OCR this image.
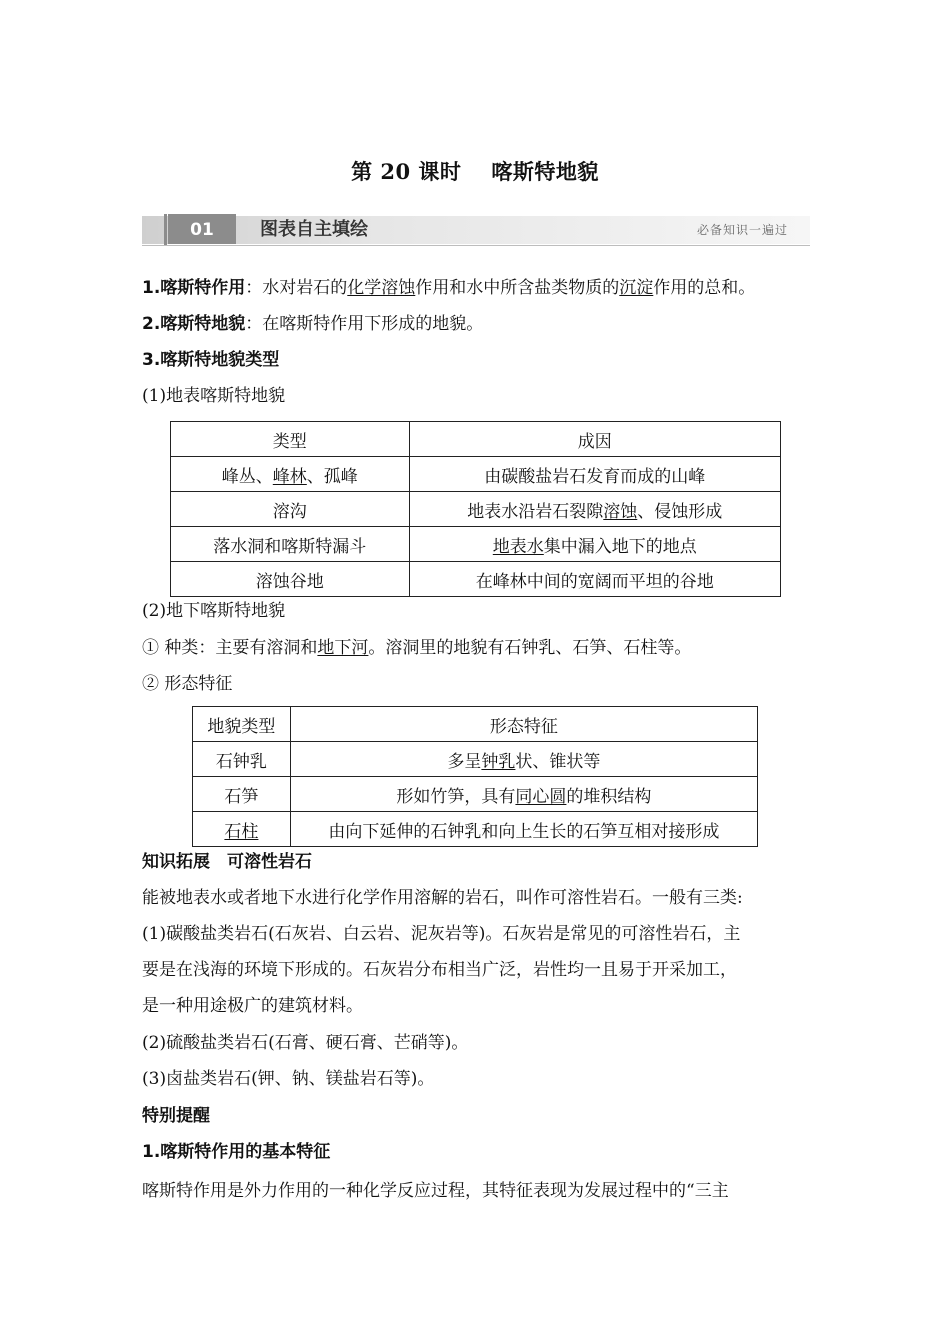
第 20 课时 喀斯特地貌
01	图表自主填绘	必备知识一遍过
1.喀斯特作用：水对岩石的化学溶蚀作用和水中所含盐类物质的沉淀作用的总和。
2.喀斯特地貌：在喀斯特作用下形成的地貌。
3.喀斯特地貌类型
(1)地表喀斯特地貌
类型	成因
峰丛、峰林、孤峰	由碳酸盐岩石发育而成的山峰
溶沟	地表水沿岩石裂隙溶蚀、侵蚀形成
落水洞和喀斯特漏斗	地表水集中漏入地下的地点
溶蚀谷地	在峰林中间的宽阔而平坦的谷地
(2)地下喀斯特地貌
① 种类：主要有溶洞和地下河。溶洞里的地貌有石钟乳、石笋、石柱等。
② 形态特征
地貌类型	形态特征
石钟乳	多呈钟乳状、锥状等
石笋	形如竹笋，具有同心圆的堆积结构
石柱	由向下延伸的石钟乳和向上生长的石笋互相对接形成
知识拓展　可溶性岩石
能被地表水或者地下水进行化学作用溶解的岩石，叫作可溶性岩石。一般有三类:
(1)碳酸盐类岩石(石灰岩、白云岩、泥灰岩等)。石灰岩是常见的可溶性岩石，主
要是在浅海的环境下形成的。石灰岩分布相当广泛，岩性均一且易于开采加工，
是一种用途极广的建筑材料。
(2)硫酸盐类岩石(石膏、硬石膏、芒硝等)。
(3)卤盐类岩石(钾、钠、镁盐岩石等)。
特别提醒
1.喀斯特作用的基本特征
喀斯特作用是外力作用的一种化学反应过程，其特征表现为发展过程中的“三主
